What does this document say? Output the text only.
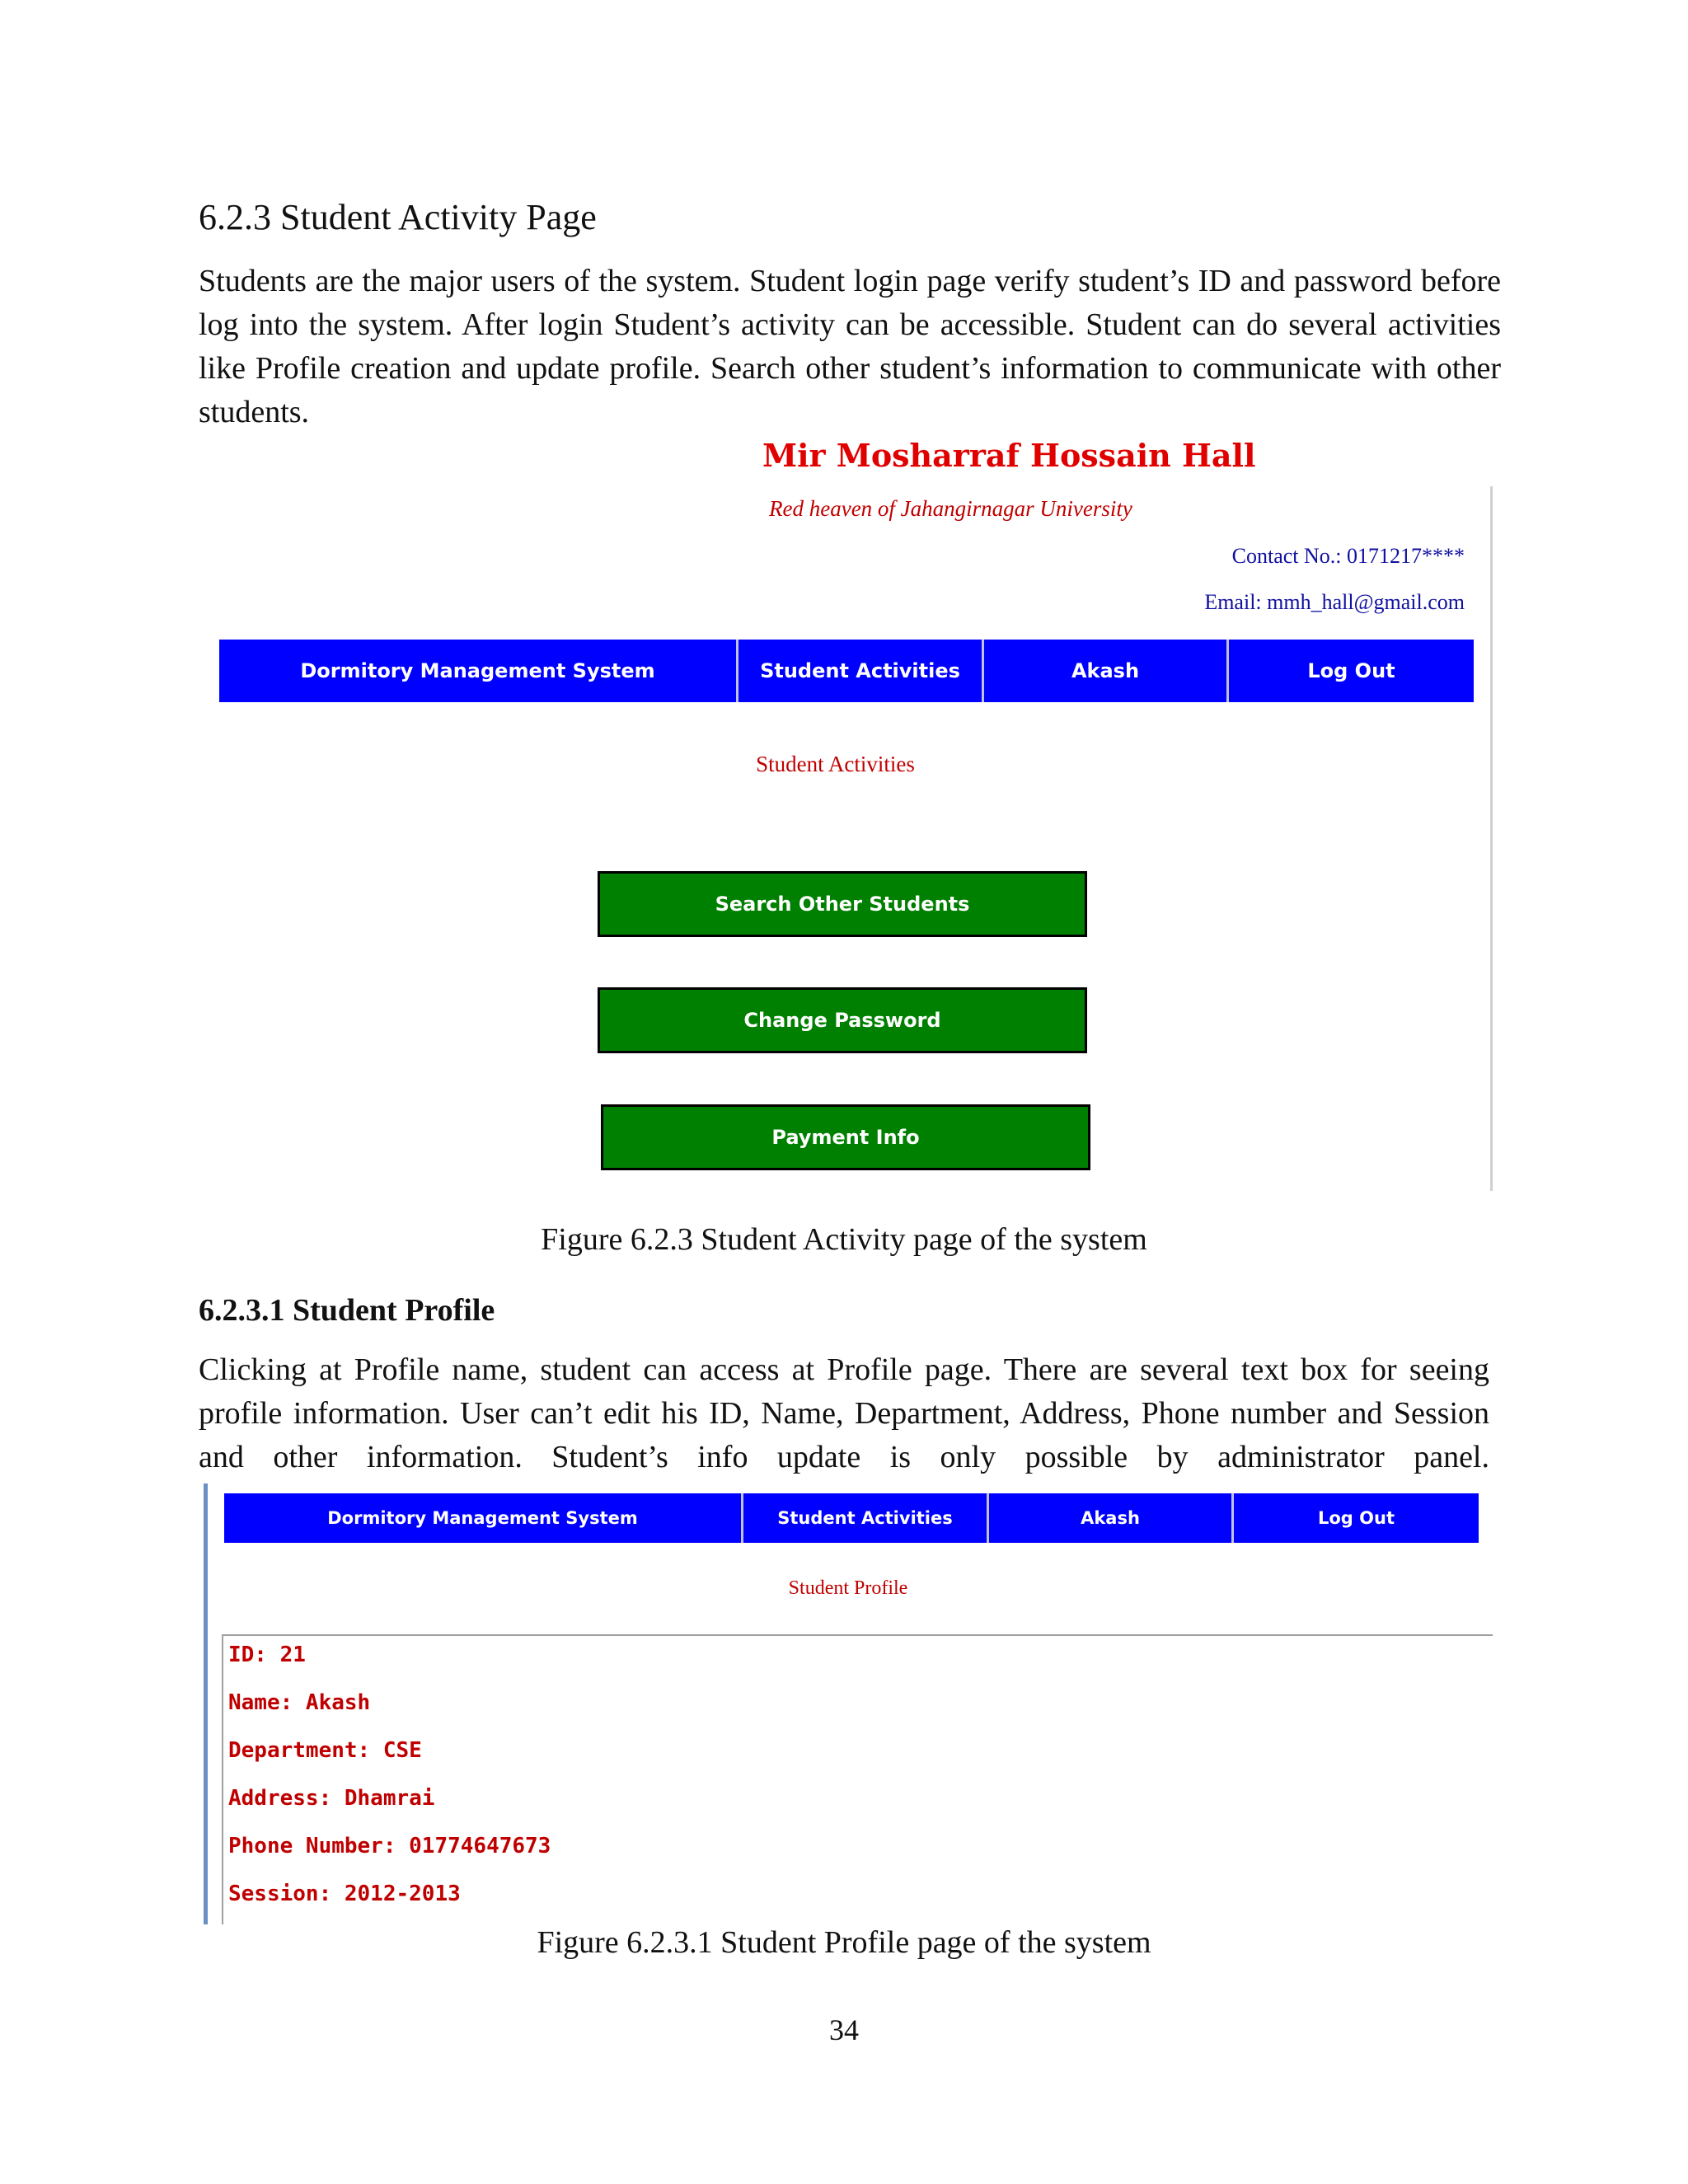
6.2.3 Student Activity Page
Students are the major users of the system. Student login page verify student’s ID and password before log into the system. After login Student’s activity can be accessible. Student can do several activities like Profile creation and update profile. Search other student’s information to communicate with other students.
Mir Mosharraf Hossain Hall
Red heaven of Jahangirnagar University
Contact No.: 0171217****
Email: mmh_hall@gmail.com
Dormitory Management System	Student Activities	Akash	Log Out
Student Activities
Search Other Students
Change Password
Payment Info
Figure 6.2.3 Student Activity page of the system
6.2.3.1 Student Profile
Clicking at Profile name, student can access at Profile page. There are several text box for seeing profile information. User can’t edit his ID, Name, Department, Address, Phone number and Session and other information. Student’s info update is only possible by administrator panel.
Dormitory Management System	Student Activities	Akash	Log Out
Student Profile
ID: 21
Name: Akash
Department: CSE
Address: Dhamrai
Phone Number: 01774647673
Session: 2012-2013
Figure 6.2.3.1 Student Profile page of the system
34
